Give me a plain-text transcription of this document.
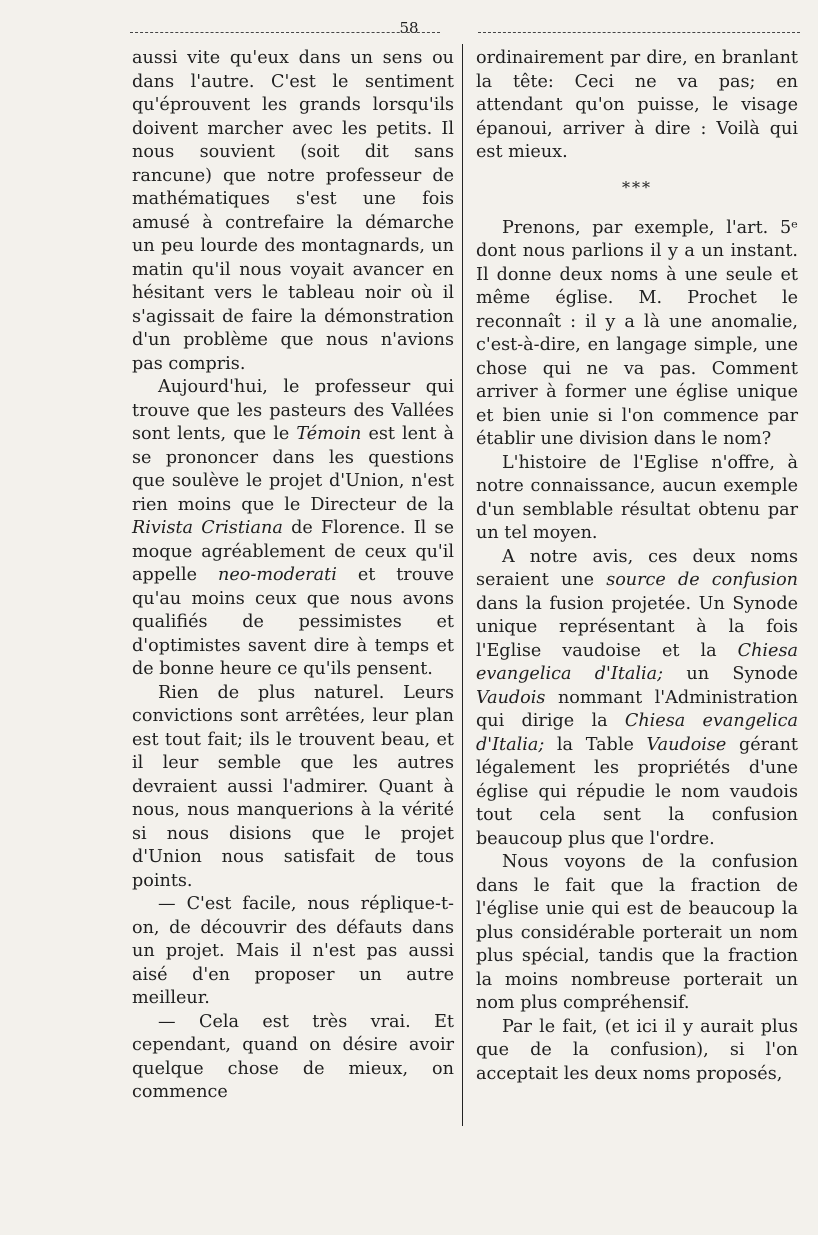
58

aussi vite qu'eux dans un sens ou dans l'autre. C'est le sentiment qu'éprouvent les grands lorsqu'ils doivent marcher avec les petits. Il nous souvient (soit dit sans rancune) que notre professeur de mathématiques s'est une fois amusé à contrefaire la démarche un peu lourde des montagnards, un matin qu'il nous voyait avancer en hésitant vers le tableau noir où il s'agissait de faire la démonstration d'un problème que nous n'avions pas compris.

Aujourd'hui, le professeur qui trouve que les pasteurs des Vallées sont lents, que le Témoin est lent à se prononcer dans les questions que soulève le projet d'Union, n'est rien moins que le Directeur de la Rivista Cristiana de Florence. Il se moque agréablement de ceux qu'il appelle neo-moderati et trouve qu'au moins ceux que nous avons qualifiés de pessimistes et d'optimistes savent dire à temps et de bonne heure ce qu'ils pensent.

Rien de plus naturel. Leurs convictions sont arrêtées, leur plan est tout fait; ils le trouvent beau, et il leur semble que les autres devraient aussi l'admirer. Quant à nous, nous manquerions à la vérité si nous disions que le projet d'Union nous satisfait de tous points.

— C'est facile, nous réplique-t-on, de découvrir des défauts dans un projet. Mais il n'est pas aussi aisé d'en proposer un autre meilleur.

— Cela est très vrai. Et cependant, quand on désire avoir quelque chose de mieux, on commence

ordinairement par dire, en branlant la tête: Ceci ne va pas; en attendant qu'on puisse, le visage épanoui, arriver à dire : Voilà qui est mieux.

***

Prenons, par exemple, l'art. 5ᵉ dont nous parlions il y a un instant. Il donne deux noms à une seule et même église. M. Prochet le reconnaît : il y a là une anomalie, c'est-à-dire, en langage simple, une chose qui ne va pas. Comment arriver à former une église unique et bien unie si l'on commence par établir une division dans le nom?

L'histoire de l'Eglise n'offre, à notre connaissance, aucun exemple d'un semblable résultat obtenu par un tel moyen.

A notre avis, ces deux noms seraient une source de confusion dans la fusion projetée. Un Synode unique représentant à la fois l'Eglise vaudoise et la Chiesa evangelica d'Italia; un Synode Vaudois nommant l'Administration qui dirige la Chiesa evangelica d'Italia; la Table Vaudoise gérant légalement les propriétés d'une église qui répudie le nom vaudois tout cela sent la confusion beaucoup plus que l'ordre.

Nous voyons de la confusion dans le fait que la fraction de l'église unie qui est de beaucoup la plus considérable porterait un nom plus spécial, tandis que la fraction la moins nombreuse porterait un nom plus compréhensif.

Par le fait, (et ici il y aurait plus que de la confusion), si l'on acceptait les deux noms proposés,
